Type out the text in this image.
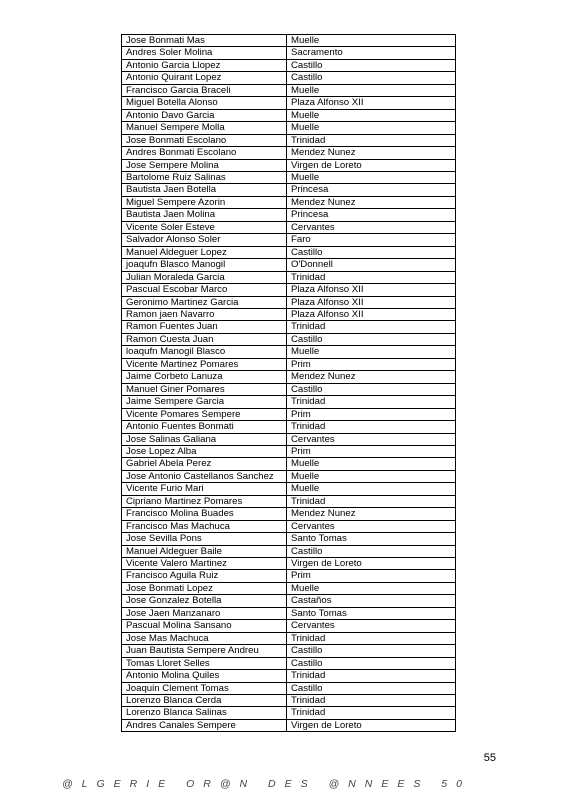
Jose Bonmati Mas	Muelle
Andres Soler Molina	Sacramento
Antonio Garcia Llopez	Castillo
Antonio Quirant Lopez	Castillo
Francisco Garcia Braceli	Muelle
Miguel Botella Alonso	Plaza Alfonso XII
Antonio Davo Garcia	Muelle
Manuel Sempere Molla	Muelle
Jose Bonmati Escolano	Trinidad
Andres Bonmati Escolano	Mendez Nunez
Jose Sempere Molina	Virgen de Loreto
Bartolome Ruiz Salinas	Muelle
Bautista Jaen Botella	Princesa
Miguel Sempere Azorin	Mendez Nunez
Bautista Jaen Molina	Princesa
Vicente Soler Esteve	Cervantes
Salvador Alonso Soler	Faro
Manuel Aldeguer Lopez	Castillo
joaqufn Blasco Manogil	O'Donnell
Julian Moraleda Garcia	Trinidad
Pascual Escobar Marco	Plaza Alfonso XII
Geronimo Martinez Garcia	Plaza Alfonso XII
Ramon jaen Navarro	Plaza Alfonso XII
Ramon Fuentes Juan	Trinidad
Ramon Cuesta Juan	Castillo
loaqufn Manogil Blasco	Muelle
Vicente Martinez Pomares	Prim
Jaime Corbeto Lanuza	Mendez Nunez
Manuel Giner Pomares	Castillo
Jaime Sempere Garcia	Trinidad
Vicente Pomares Sempere	Prim
Antonio Fuentes Bonmati	Trinidad
Jose Salinas Galiana	Cervantes
Jose Lopez Alba	Prim
Gabriel Abela Perez	Muelle
Jose Antonio Castellanos Sanchez	Muelle
Vicente Furio Mari	Muelle
Cipriano Martinez Pomares	Trinidad
Francisco Molina Buades	Mendez Nunez
Francisco Mas Machuca	Cervantes
Jose Sevilla Pons	Santo Tomas
Manuel Aldeguer Baile	Castillo
Vicente Valero Martinez	Virgen de Loreto
Francisco Aguila Ruiz	Prim
Jose Bonmati Lopez	Muelle
Jose Gonzalez Botella	Castaños
Jose Jaen Manzanaro	Santo Tomas
Pascual Molina Sansano	Cervantes
Jose Mas Machuca	Trinidad
Juan Bautista Sempere Andreu	Castillo
Tomas Lloret Selles	Castillo
Antonio Molina Quiles	Trinidad
Joaquin Clement Tomas	Castillo
Lorenzo Blanca Cerda	Trinidad
Lorenzo Blanca Salinas	Trinidad
Andres Canales Sempere	Virgen de Loreto
55
@LGERIE OR@N DES @NNEES 50
